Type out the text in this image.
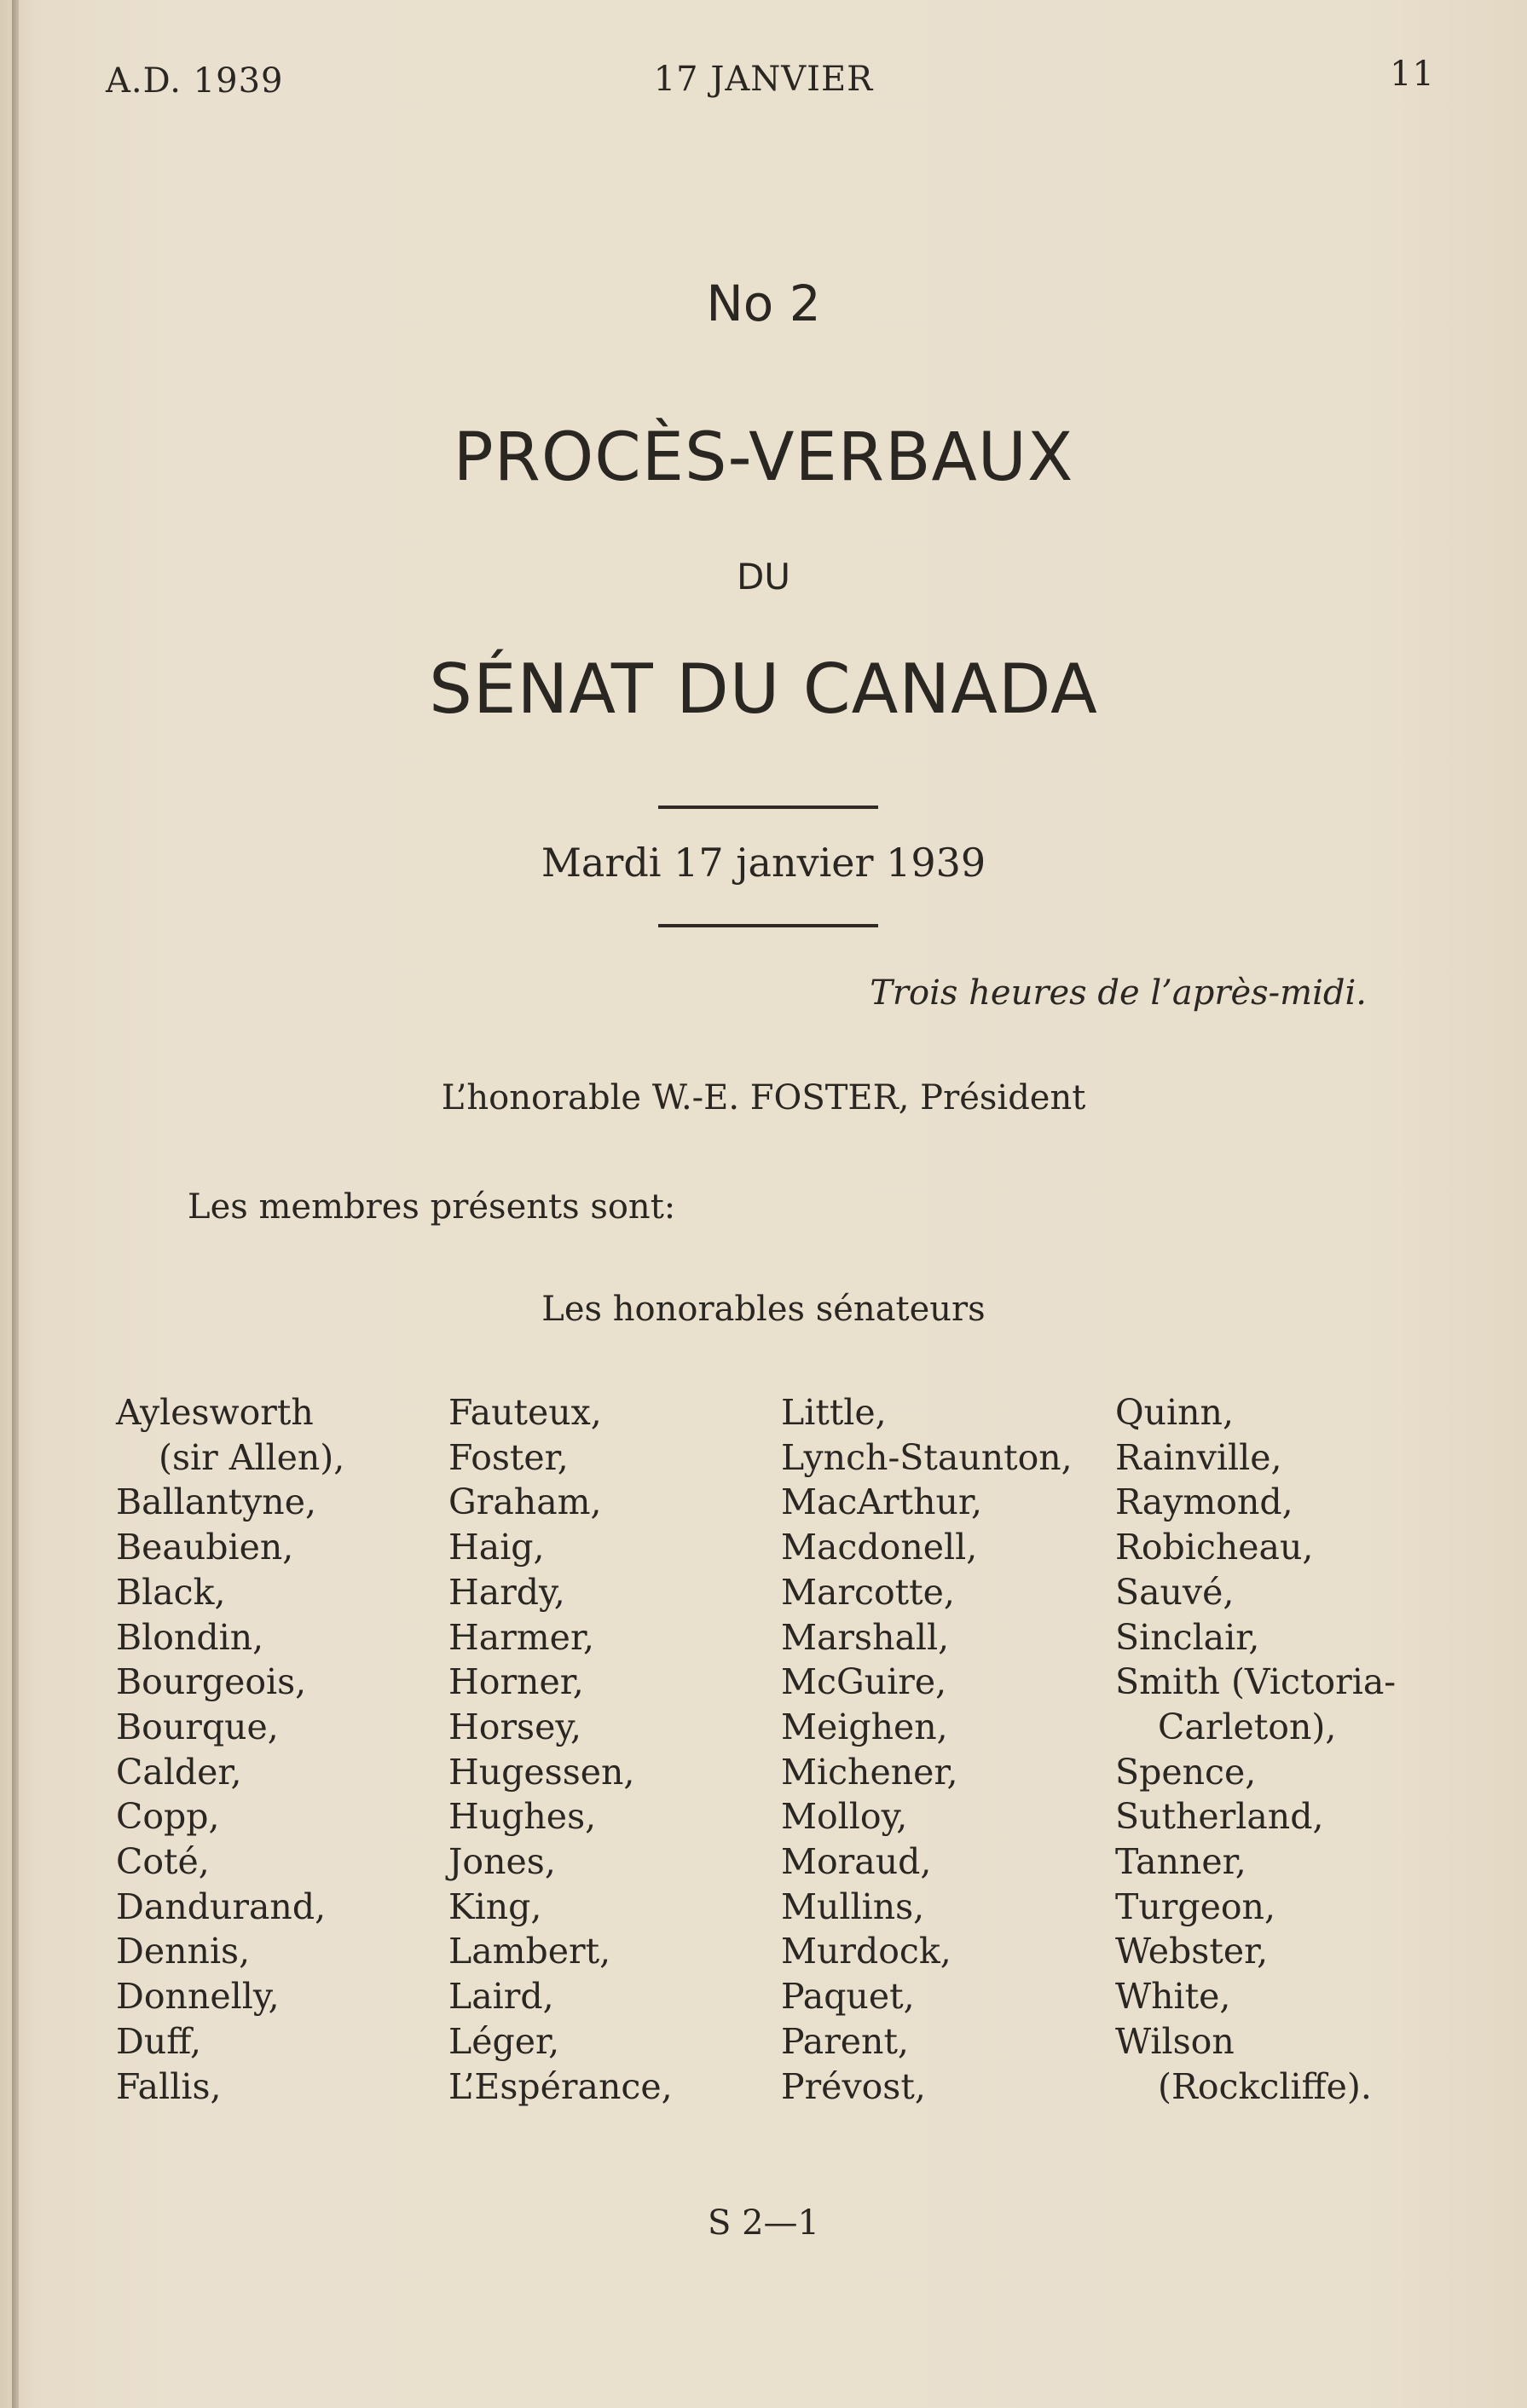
A.D. 1939	17 JANVIER	11
No 2
PROCÈS-VERBAUX
DU
SÉNAT DU CANADA
Mardi 17 janvier 1939
Trois heures de l’après-midi.
L’honorable W.-E. FOSTER, Président
Les membres présents sont:
Les honorables sénateurs
Aylesworth
(sir Allen),
Ballantyne,
Beaubien,
Black,
Blondin,
Bourgeois,
Bourque,
Calder,
Copp,
Coté,
Dandurand,
Dennis,
Donnelly,
Duff,
Fallis,
Fauteux,
Foster,
Graham,
Haig,
Hardy,
Harmer,
Horner,
Horsey,
Hugessen,
Hughes,
Jones,
King,
Lambert,
Laird,
Léger,
L’Espérance,
Little,
Lynch-Staunton,
MacArthur,
Macdonell,
Marcotte,
Marshall,
McGuire,
Meighen,
Michener,
Molloy,
Moraud,
Mullins,
Murdock,
Paquet,
Parent,
Prévost,
Quinn,
Rainville,
Raymond,
Robicheau,
Sauvé,
Sinclair,
Smith (Victoria-
Carleton),
Spence,
Sutherland,
Tanner,
Turgeon,
Webster,
White,
Wilson
(Rockcliffe).
S 2—1
